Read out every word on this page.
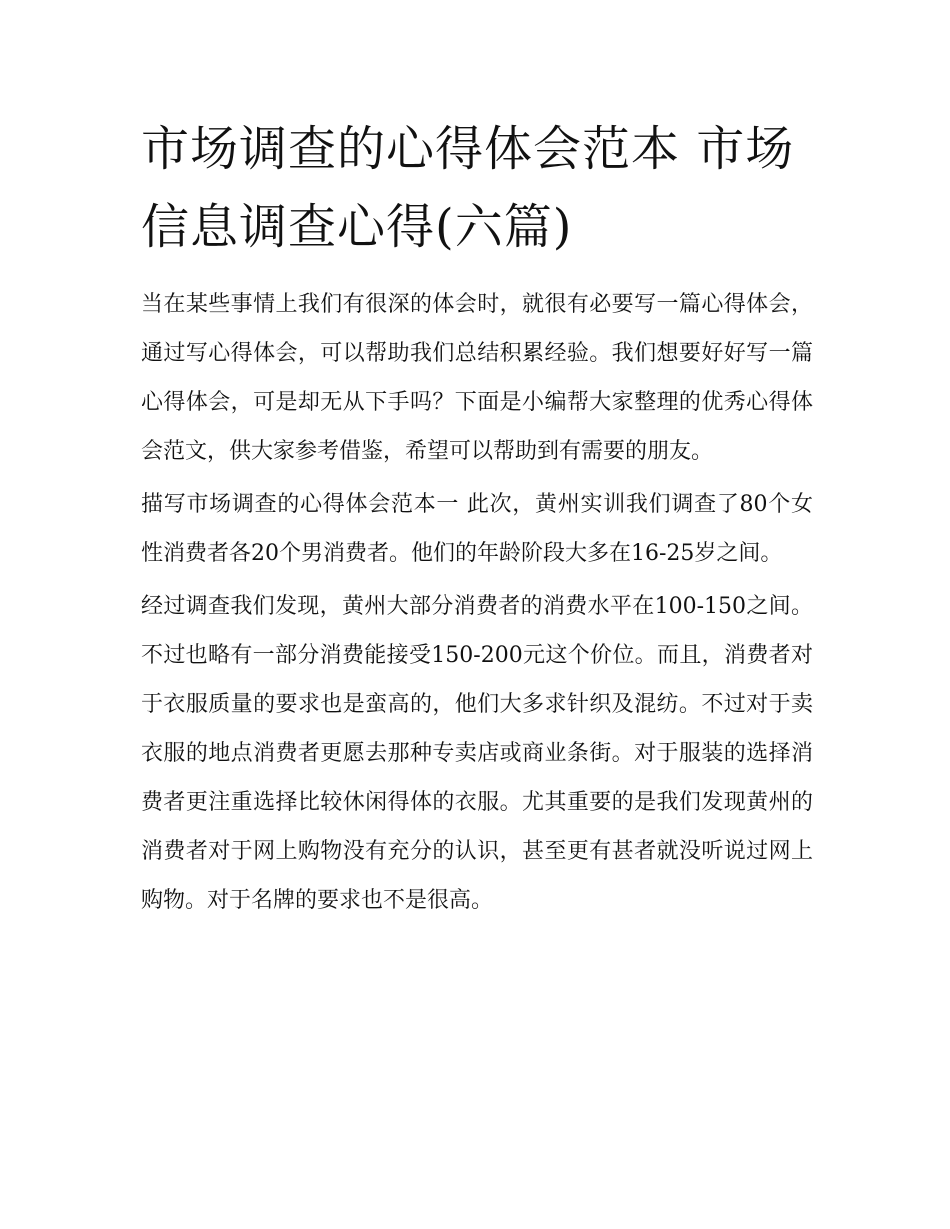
市场调查的心得体会范本 市场信息调查心得(六篇)

当在某些事情上我们有很深的体会时，就很有必要写一篇心得体会，通过写心得体会，可以帮助我们总结积累经验。我们想要好好写一篇心得体会，可是却无从下手吗？下面是小编帮大家整理的优秀心得体会范文，供大家参考借鉴，希望可以帮助到有需要的朋友。

描写市场调查的心得体会范本一 此次，黄州实训我们调查了80个女性消费者各20个男消费者。他们的年龄阶段大多在16-25岁之间。

经过调查我们发现，黄州大部分消费者的消费水平在100-150之间。不过也略有一部分消费能接受150-200元这个价位。而且，消费者对于衣服质量的要求也是蛮高的，他们大多求针织及混纺。不过对于卖衣服的地点消费者更愿去那种专卖店或商业条街。对于服装的选择消费者更注重选择比较休闲得体的衣服。尤其重要的是我们发现黄州的消费者对于网上购物没有充分的认识，甚至更有甚者就没听说过网上购物。对于名牌的要求也不是很高。
